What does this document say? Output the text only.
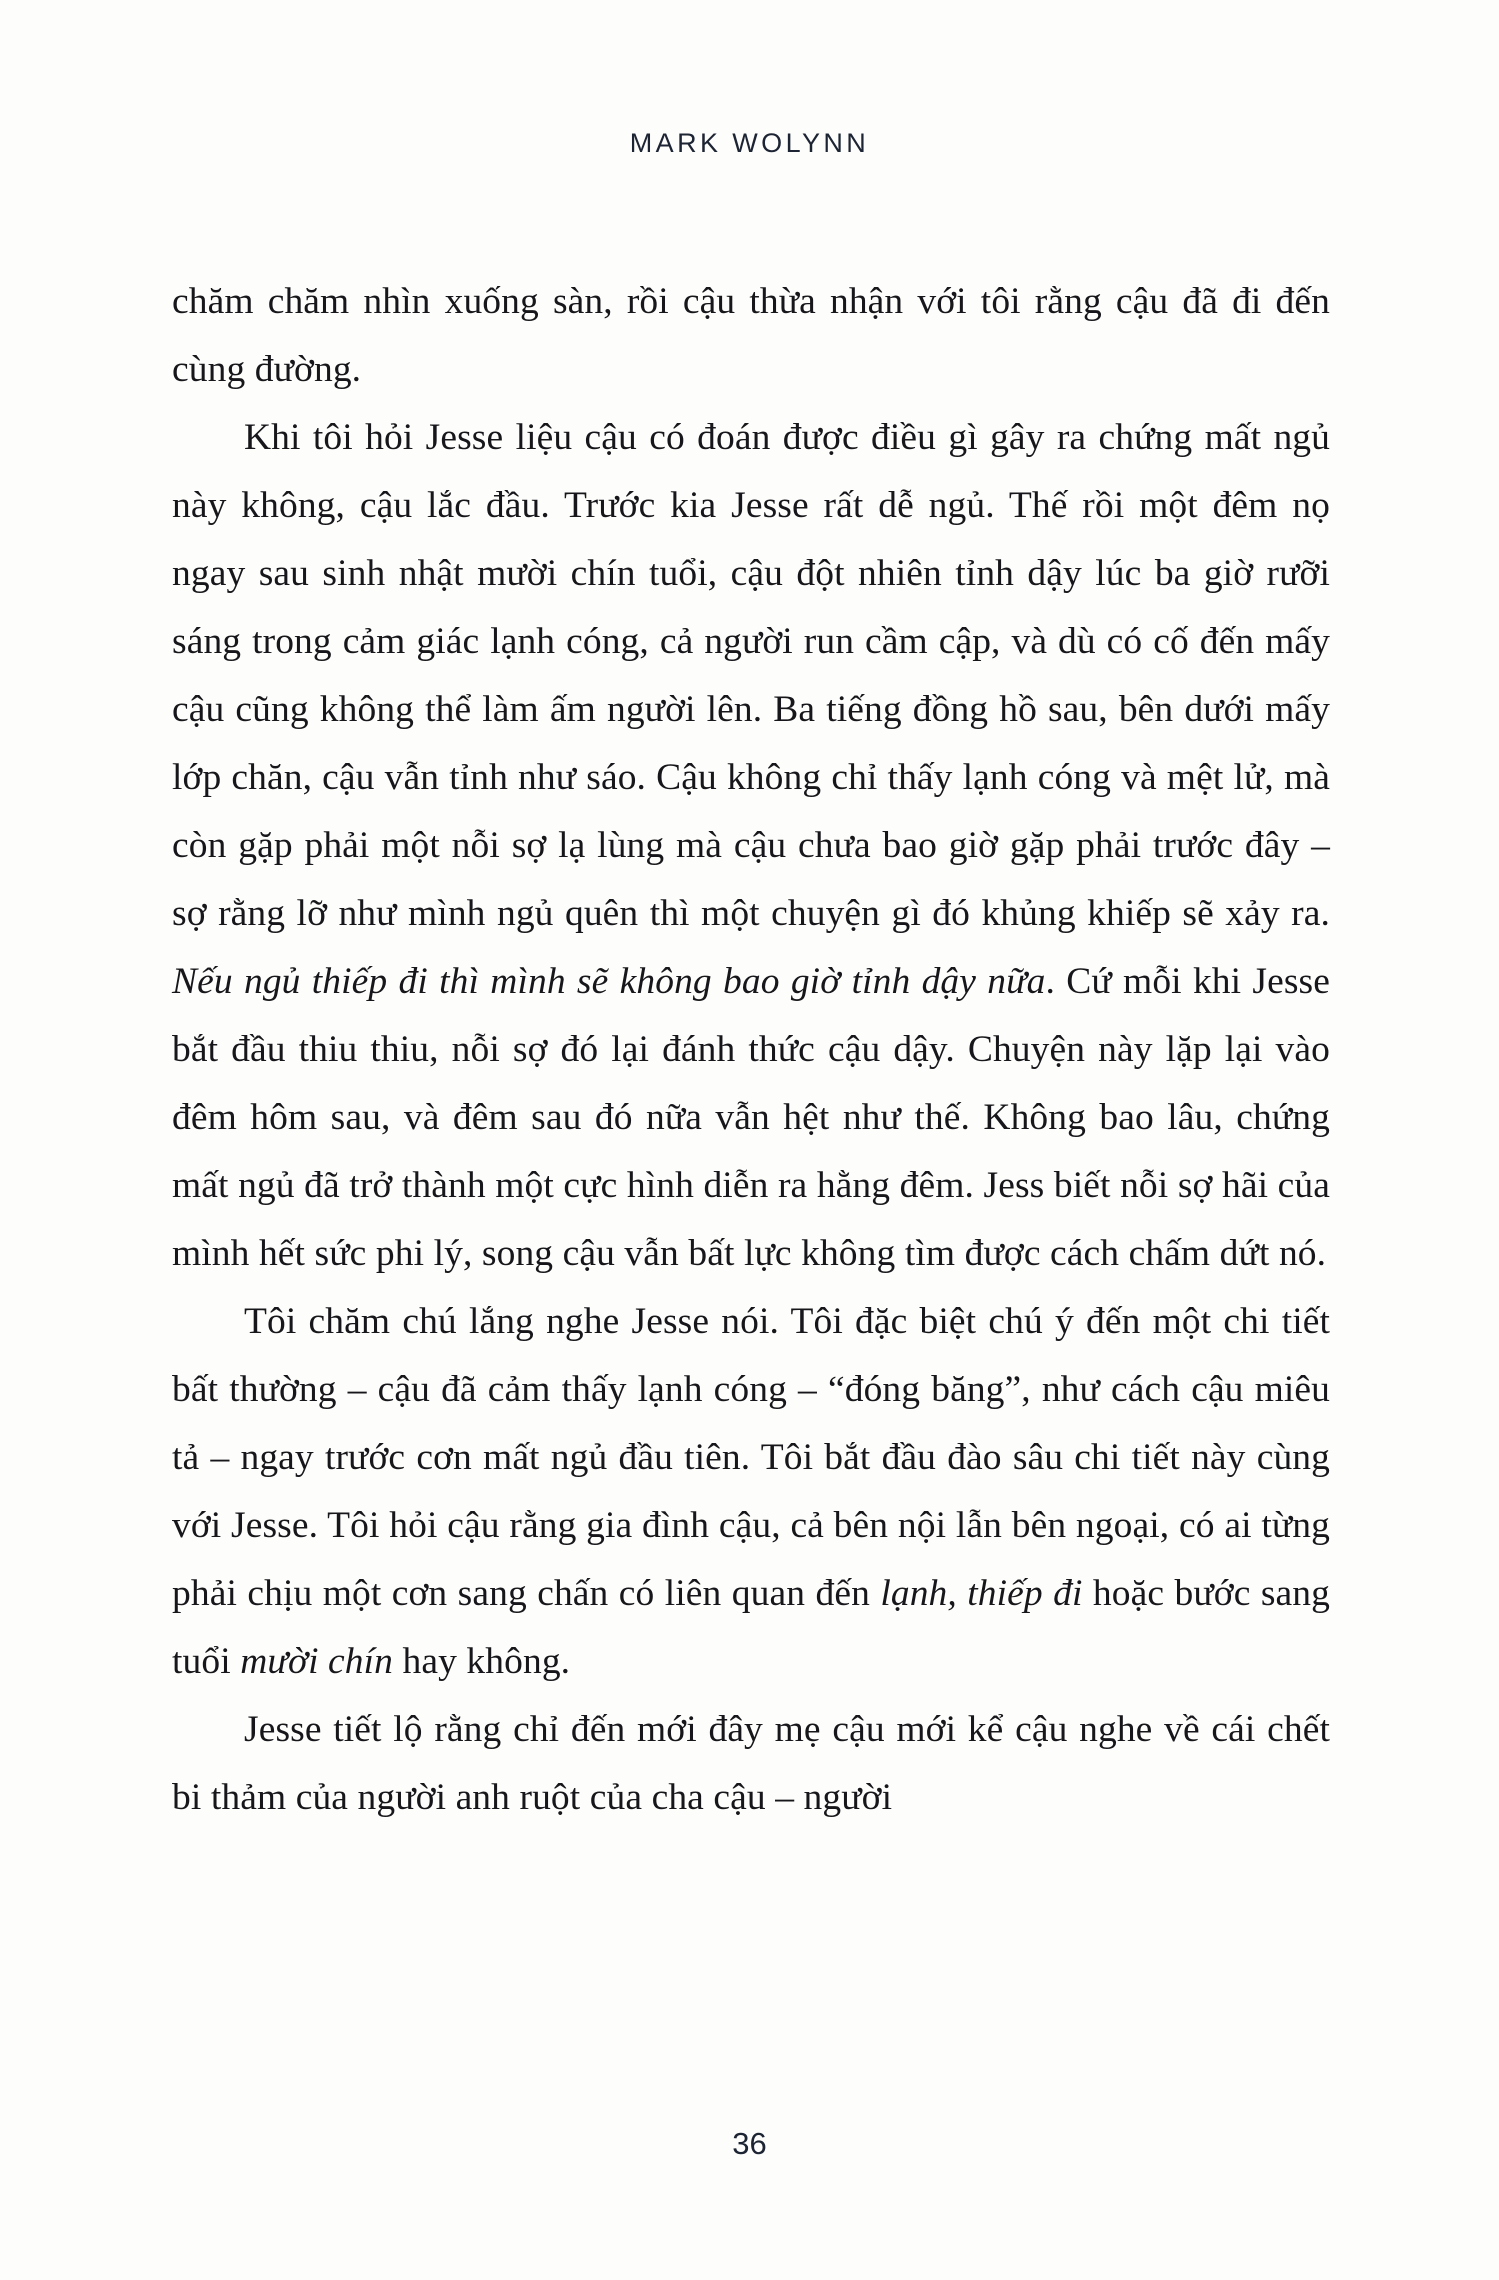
MARK WOLYNN

chăm chăm nhìn xuống sàn, rồi cậu thừa nhận với tôi rằng cậu đã đi đến cùng đường.

Khi tôi hỏi Jesse liệu cậu có đoán được điều gì gây ra chứng mất ngủ này không, cậu lắc đầu. Trước kia Jesse rất dễ ngủ. Thế rồi một đêm nọ ngay sau sinh nhật mười chín tuổi, cậu đột nhiên tỉnh dậy lúc ba giờ rưỡi sáng trong cảm giác lạnh cóng, cả người run cầm cập, và dù có cố đến mấy cậu cũng không thể làm ấm người lên. Ba tiếng đồng hồ sau, bên dưới mấy lớp chăn, cậu vẫn tỉnh như sáo. Cậu không chỉ thấy lạnh cóng và mệt lử, mà còn gặp phải một nỗi sợ lạ lùng mà cậu chưa bao giờ gặp phải trước đây – sợ rằng lỡ như mình ngủ quên thì một chuyện gì đó khủng khiếp sẽ xảy ra. Nếu ngủ thiếp đi thì mình sẽ không bao giờ tỉnh dậy nữa. Cứ mỗi khi Jesse bắt đầu thiu thiu, nỗi sợ đó lại đánh thức cậu dậy. Chuyện này lặp lại vào đêm hôm sau, và đêm sau đó nữa vẫn hệt như thế. Không bao lâu, chứng mất ngủ đã trở thành một cực hình diễn ra hằng đêm. Jess biết nỗi sợ hãi của mình hết sức phi lý, song cậu vẫn bất lực không tìm được cách chấm dứt nó.

Tôi chăm chú lắng nghe Jesse nói. Tôi đặc biệt chú ý đến một chi tiết bất thường – cậu đã cảm thấy lạnh cóng – “đóng băng”, như cách cậu miêu tả – ngay trước cơn mất ngủ đầu tiên. Tôi bắt đầu đào sâu chi tiết này cùng với Jesse. Tôi hỏi cậu rằng gia đình cậu, cả bên nội lẫn bên ngoại, có ai từng phải chịu một cơn sang chấn có liên quan đến lạnh, thiếp đi hoặc bước sang tuổi mười chín hay không.

Jesse tiết lộ rằng chỉ đến mới đây mẹ cậu mới kể cậu nghe về cái chết bi thảm của người anh ruột của cha cậu – người

36
